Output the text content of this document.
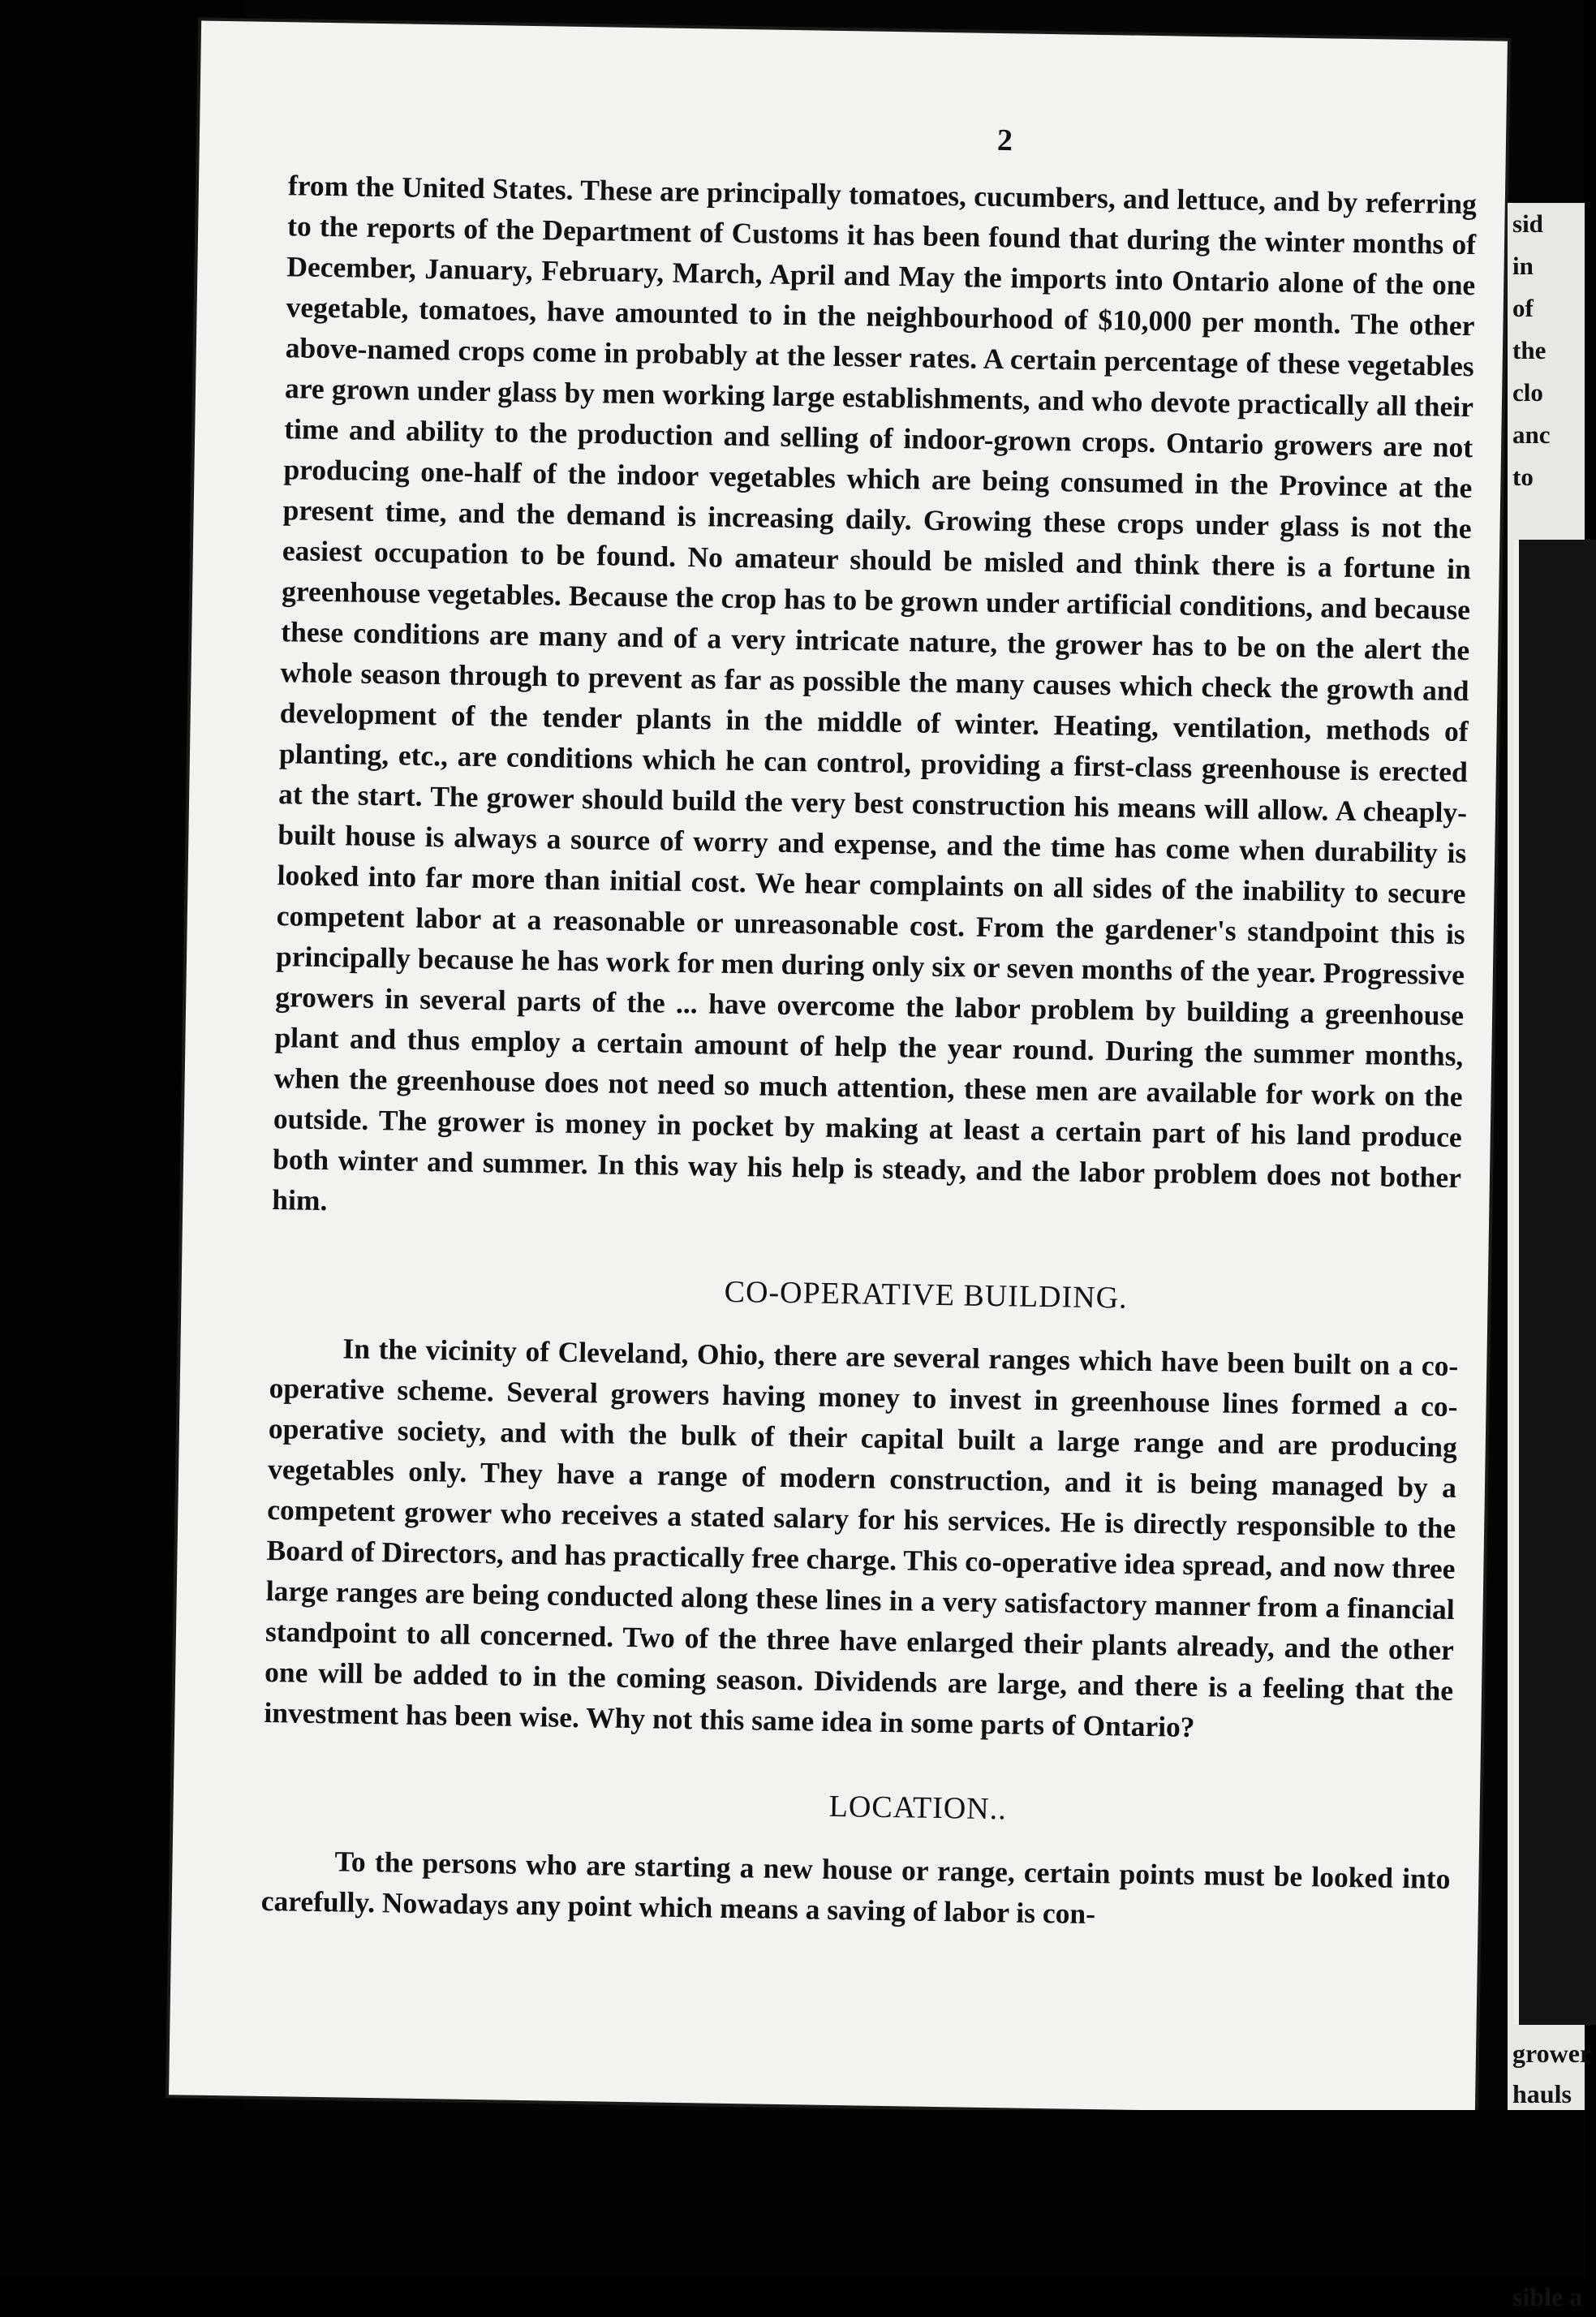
2

from the United States. These are principally tomatoes, cucumbers, and lettuce, and by referring to the reports of the Department of Customs it has been found that during the winter months of December, January, February, March, April and May the imports into Ontario alone of the one vegetable, tomatoes, have amounted to in the neighbourhood of $10,000 per month. The other above-named crops come in probably at the lesser rates. A certain percentage of these vegetables are grown under glass by men working large establishments, and who devote practically all their time and ability to the production and selling of indoor-grown crops. Ontario growers are not producing one-half of the indoor vegetables which are being consumed in the Province at the present time, and the demand is increasing daily. Growing these crops under glass is not the easiest occupation to be found. No amateur should be misled and think there is a fortune in greenhouse vegetables. Because the crop has to be grown under artificial conditions, and because these conditions are many and of a very intricate nature, the grower has to be on the alert the whole season through to prevent as far as possible the many causes which check the growth and development of the tender plants in the middle of winter. Heating, ventilation, methods of planting, etc., are conditions which he can control, providing a first-class greenhouse is erected at the start. The grower should build the very best construction his means will allow. A cheaply-built house is always a source of worry and expense, and the time has come when durability is looked into far more than initial cost. We hear complaints on all sides of the inability to secure competent labor at a reasonable or unreasonable cost. From the gardener's standpoint this is principally because he has work for men during only six or seven months of the year. Progressive growers in several parts of the ... have overcome the labor problem by building a greenhouse plant and thus employ a certain amount of help the year round. During the summer months, when the greenhouse does not need so much attention, these men are available for work on the outside. The grower is money in pocket by making at least a certain part of his land produce both winter and summer. In this way his help is steady, and the labor problem does not bother him.

CO-OPERATIVE BUILDING.

In the vicinity of Cleveland, Ohio, there are several ranges which have been built on a co-operative scheme. Several growers having money to invest in greenhouse lines formed a co-operative society, and with the bulk of their capital built a large range and are producing vegetables only. They have a range of modern construction, and it is being managed by a competent grower who receives a stated salary for his services. He is directly responsible to the Board of Directors, and has practically free charge. This co-operative idea spread, and now three large ranges are being conducted along these lines in a very satisfactory manner from a financial standpoint to all concerned. Two of the three have enlarged their plants already, and the other one will be added to in the coming season. Dividends are large, and there is a feeling that the investment has been wise. Why not this same idea in some parts of Ontario?

LOCATION..

To the persons who are starting a new house or range, certain points must be looked into carefully. Nowadays any point which means a saving of labor is con-

sid
in
of
the
clo
anc
to
grower
hauls
sible a
